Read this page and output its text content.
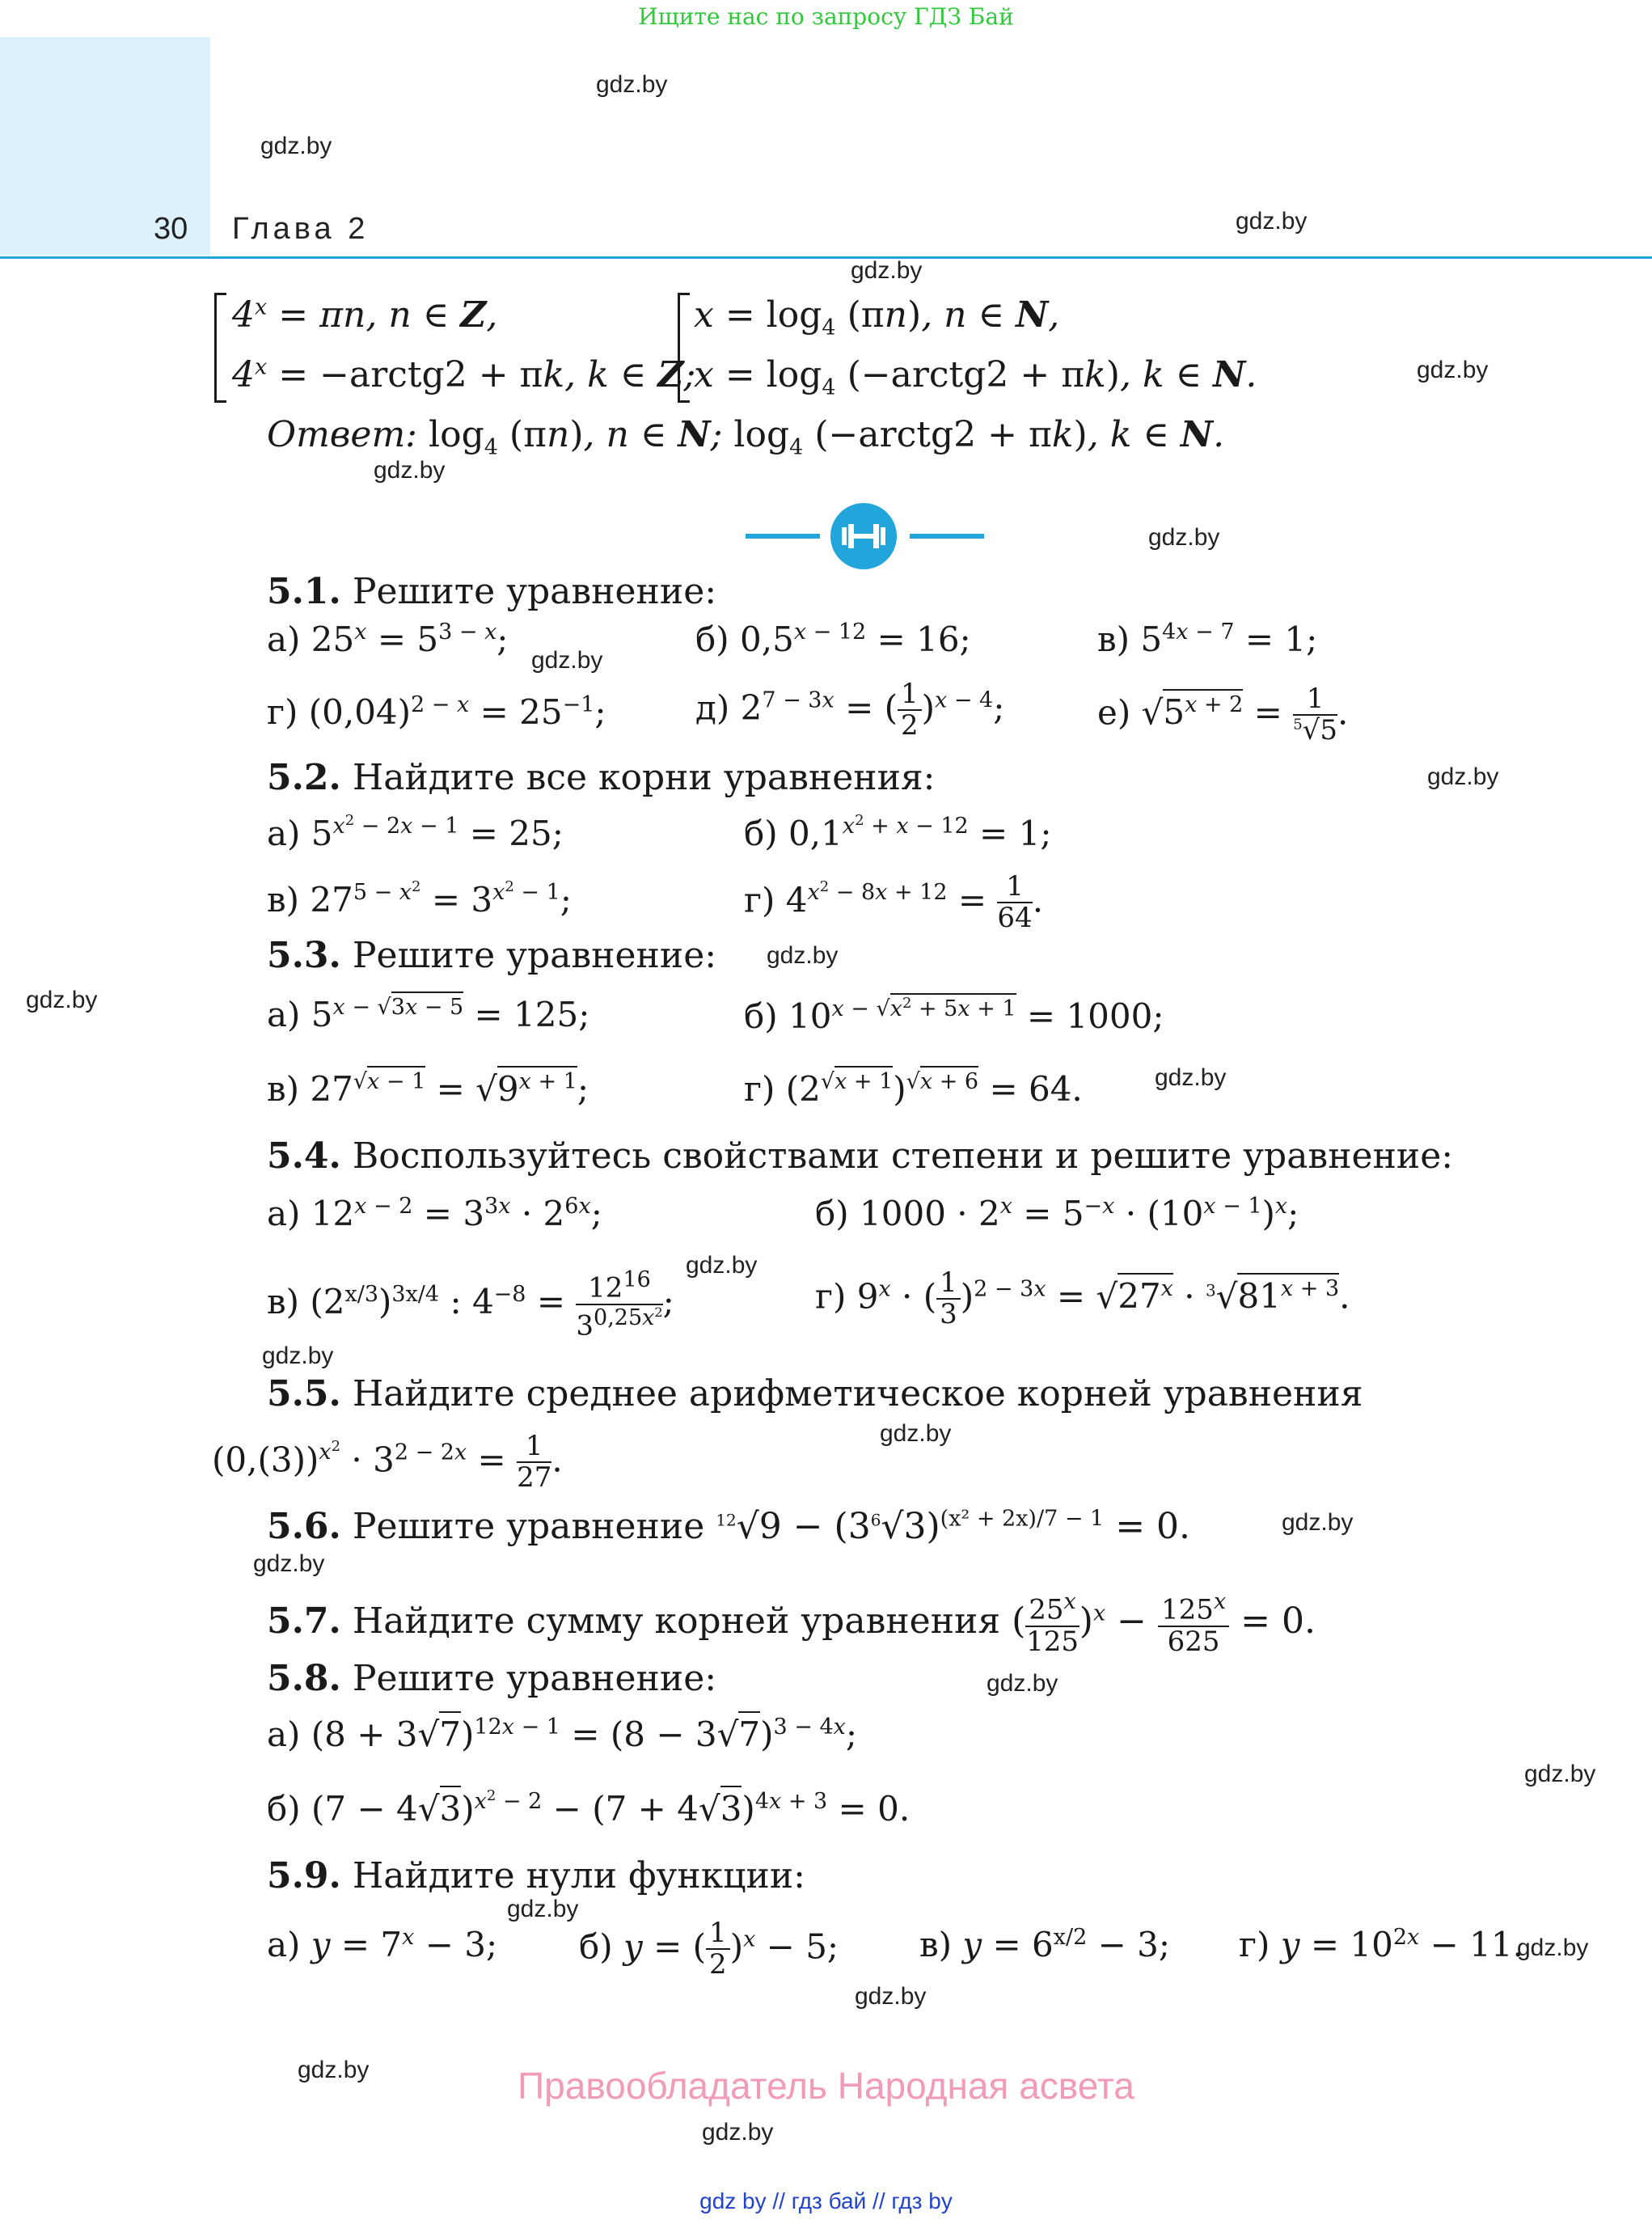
Ищите нас по запросу ГДЗ Бай
30 Глава 2
gdz.by
gdz.by
gdz.by
gdz.by
gdz.by
gdz.by
gdz.by
gdz.by
gdz.by
gdz.by
gdz.by
gdz.by
gdz.by
gdz.by
gdz.by
gdz.by
gdz.by
gdz.by
gdz.by
gdz.by
gdz.by
gdz.by
gdz.by
gdz.by
$4^x = \pi n$, n ∈ Z,
$4^x$ = −arctg2 + πk, k ∈ Z;
$x = \log_4 (\pi n)$, n ∈ N,
$x = \log_4$ (−arctg2 + πk), k ∈ N.
Ответ: $\log_4 (\pi n)$, n ∈ N; $\log_4$ (−arctg2 + πk), k ∈ N.
5.1. Решите уравнение:
а) $25^x = 5^{3 - x}$;	б) $0,5^{x - 12} = 16$;	в) $5^{4x - 7} = 1$;
г) $(0,04)^{2 - x} = 25^{-1}$;	д) $2^{7 - 3x}$ = ( $\frac{1}{2} )^{x - 4}$;	е) $√5^{x + 2} = \frac{1}{^5√5}$ .
5.2. Найдите все корни уравнения:
а) $5^{x^2 - 2x - 1} = 25$;	б) $0,1^{x^2 + x - 12} = 1$;
в) $27^{5 - x^2} = 3^{x^2 - 1}$;	г) $4^{x^2 - 8x + 12} = \frac{1}{64}$ .
5.3. Решите уравнение:
а) $5^{x - √3x - 5} = 125$;	б) $10^{x - √x^2 + 5x + 1} = 1000$;
в) $27^{√x - 1} = √9^{x + 1}$;	г) $(2^{√x + 1})^{√x + 6} = 64$.
5.4. Воспользуйтесь свойствами степени и решите уравнение:
а) $12^{x - 2} = 3^{3x} \cdot 2^{6x}$;	б) $1000 \cdot 2^x = 5^{-x} \cdot (10^{x - 1})^x$;
в) $(2^{x/3})^{3x/4}$ : $4^{-8} = \frac{12^{16}}{3^{0,25x^2}}$ ;	г) $9^x$ · ( $\frac{1}{3} )^{2 - 3x} = √27^x \cdot ^3√81^{x + 3}$.
5.5. Найдите среднее арифметическое корней уравнения
$(0,(3))^{x^2} \cdot 3^{2 - 2x} = \frac{1}{27}$ .
5.6. Решите уравнение $^{12}√9 - (3^6√3)^{(x^2 + 2x)/7 - 1} = 0$.
5.7. Найдите сумму корней уравнения ( $\frac{25^x}{125} )^x - \frac{125^x}{625} = 0$.
5.8. Решите уравнение:
а) $(8 + 3√7)^{12x - 1} = (8 - 3√7)^{3 - 4x}$;
б) $(7 - 4√3)^{x^2 - 2} - (7 + 4√3)^{4x + 3} = 0$.
5.9. Найдите нули функции:
а) $y = 7^x - 3$; б) y = ( $\frac{1}{2} )^x - 5$; в) $y = 6^{x/2} - 3$; г) $y = 10^{2x} - 11$.
Правообладатель Народная асвета
gdz by // гдз бай // гдз by
